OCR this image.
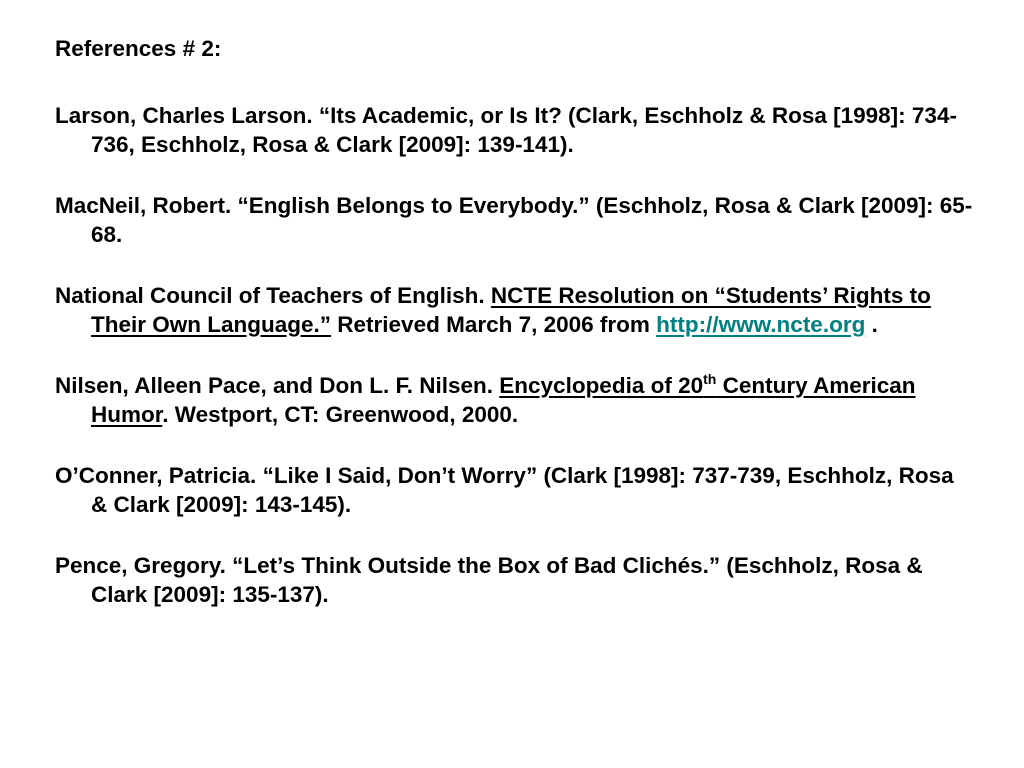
References # 2:
Larson, Charles Larson. “Its Academic, or Is It? (Clark, Eschholz & Rosa [1998]: 734-736, Eschholz, Rosa & Clark [2009]: 139-141).
MacNeil, Robert. “English Belongs to Everybody.” (Eschholz, Rosa & Clark [2009]: 65-68.
National Council of Teachers of English. NCTE Resolution on “Students’ Rights to Their Own Language.” Retrieved March 7, 2006 from http://www.ncte.org .
Nilsen, Alleen Pace, and Don L. F. Nilsen. Encyclopedia of 20th Century American Humor. Westport, CT: Greenwood, 2000.
O’Conner, Patricia. “Like I Said, Don’t Worry” (Clark [1998]: 737-739, Eschholz, Rosa & Clark [2009]: 143-145).
Pence, Gregory. “Let’s Think Outside the Box of Bad Clichés.” (Eschholz, Rosa & Clark [2009]: 135-137).
